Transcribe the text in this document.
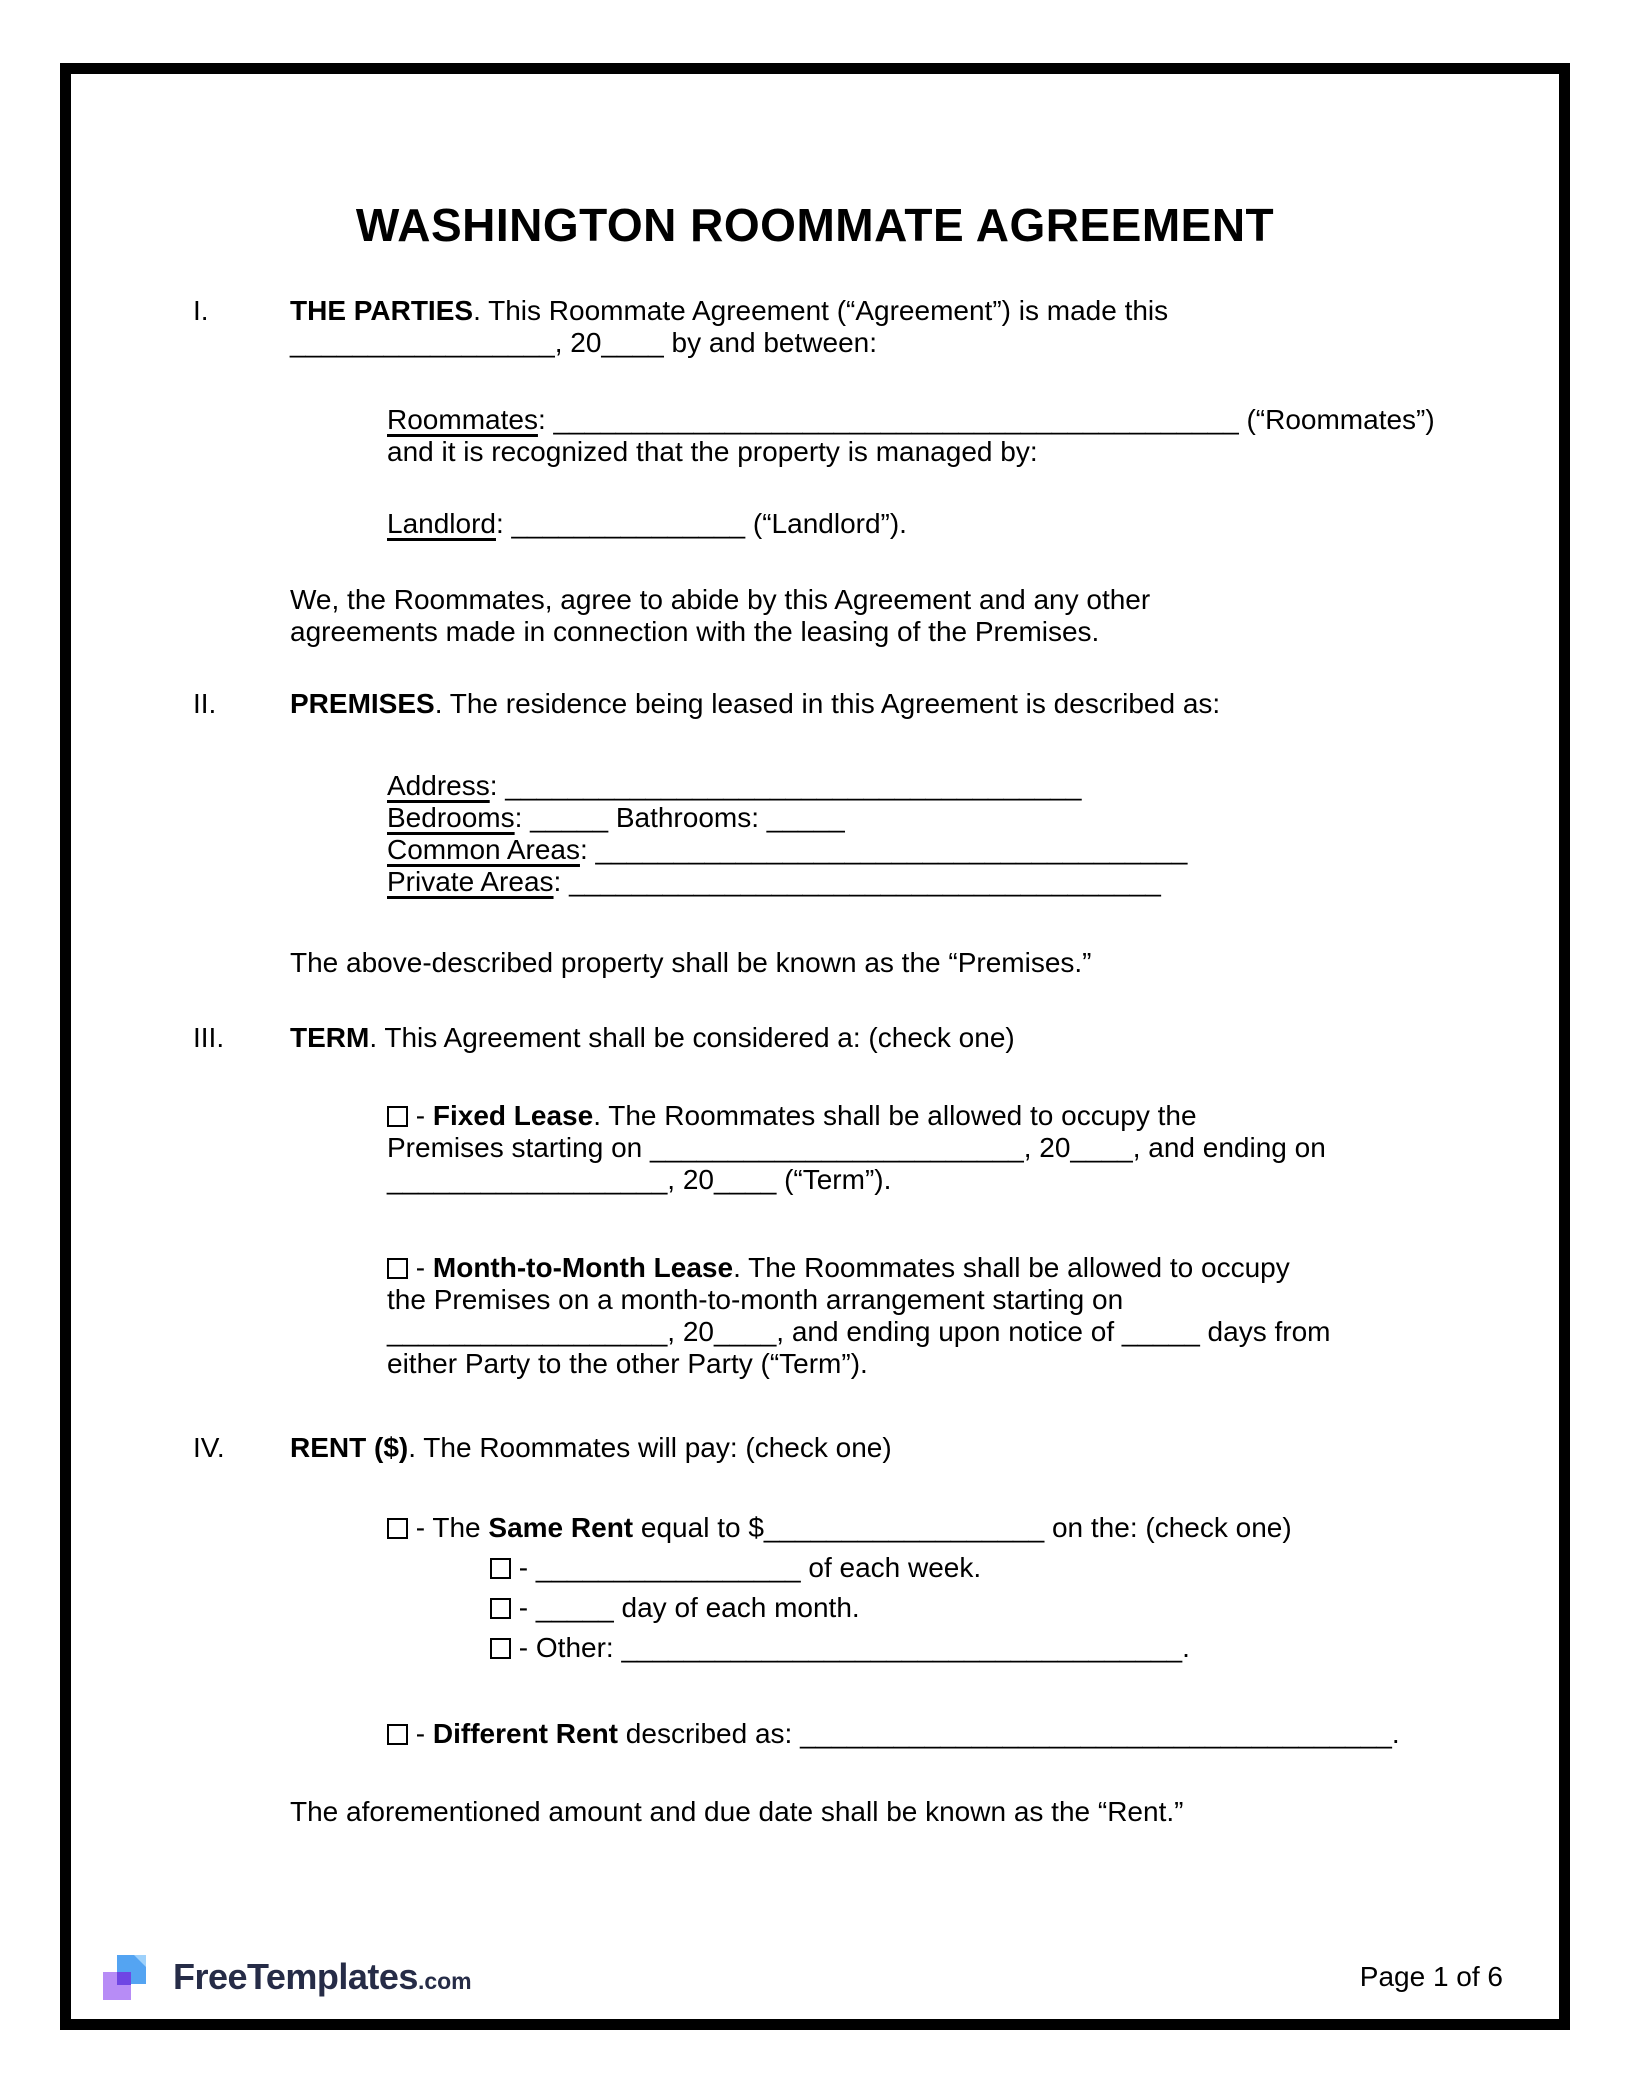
WASHINGTON ROOMMATE AGREEMENT
I.	THE PARTIES. This Roommate Agreement (“Agreement”) is made this
_________________, 20____ by and between:
Roommates: ____________________________________________ (“Roommates”)
and it is recognized that the property is managed by:
Landlord: _______________ (“Landlord”).
We, the Roommates, agree to abide by this Agreement and any other
agreements made in connection with the leasing of the Premises.
II.	PREMISES. The residence being leased in this Agreement is described as:
Address: _____________________________________
Bedrooms: _____ Bathrooms: _____
Common Areas: ______________________________________
Private Areas: ______________________________________
The above-described property shall be known as the “Premises.”
III. TERM. This Agreement shall be considered a: (check one)
- Fixed Lease. The Roommates shall be allowed to occupy the
Premises starting on ________________________, 20____, and ending on
__________________, 20____ (“Term”).
- Month-to-Month Lease. The Roommates shall be allowed to occupy
the Premises on a month-to-month arrangement starting on
__________________, 20____, and ending upon notice of _____ days from
either Party to the other Party (“Term”).
IV. RENT ($). The Roommates will pay: (check one)
- The Same Rent equal to $__________________ on the: (check one)
- _________________ of each week.
- _____ day of each month.
- Other: ____________________________________.
- Different Rent described as: ______________________________________.
The aforementioned amount and due date shall be known as the “Rent.”
FreeTemplates .com	Page 1 of 6
